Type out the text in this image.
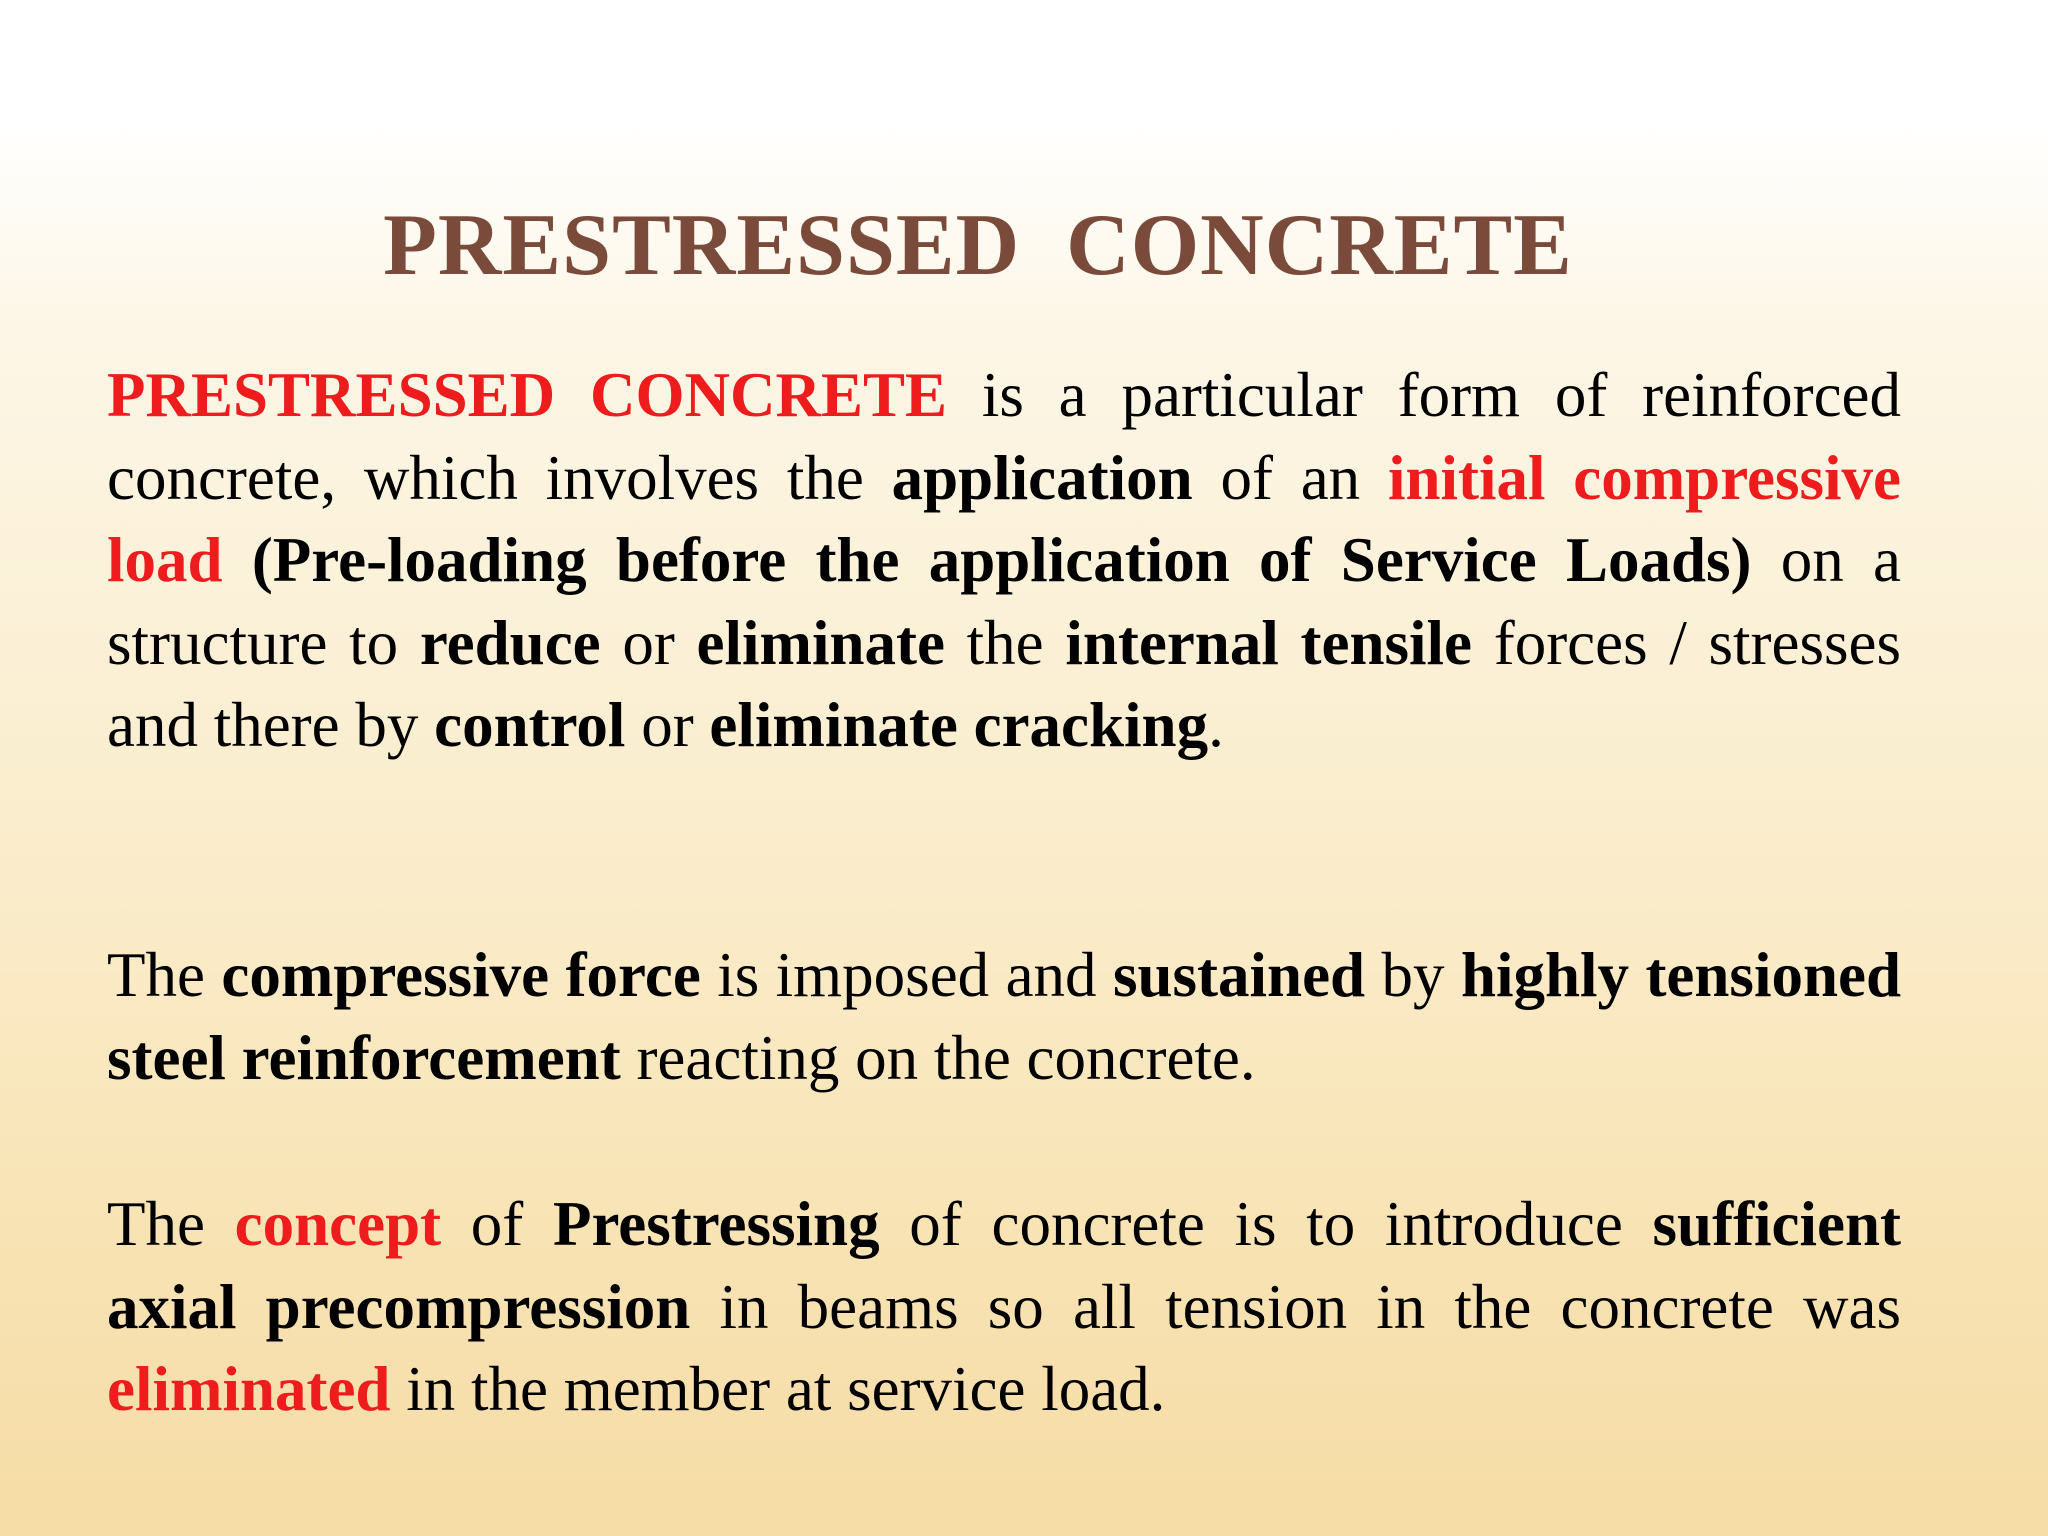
PRESTRESSED  CONCRETE

PRESTRESSED CONCRETE is a particular form of reinforced concrete, which involves the application of an initial compressive load (Pre-loading before the application of Service Loads) on a structure to reduce or eliminate the internal tensile forces / stresses  and there by control or eliminate cracking.

The compressive force is imposed and sustained by highly tensioned steel reinforcement reacting on the concrete.

The concept of Prestressing of concrete is to introduce sufficient axial precompression in beams so all tension in the concrete was eliminated in the member at service load.
